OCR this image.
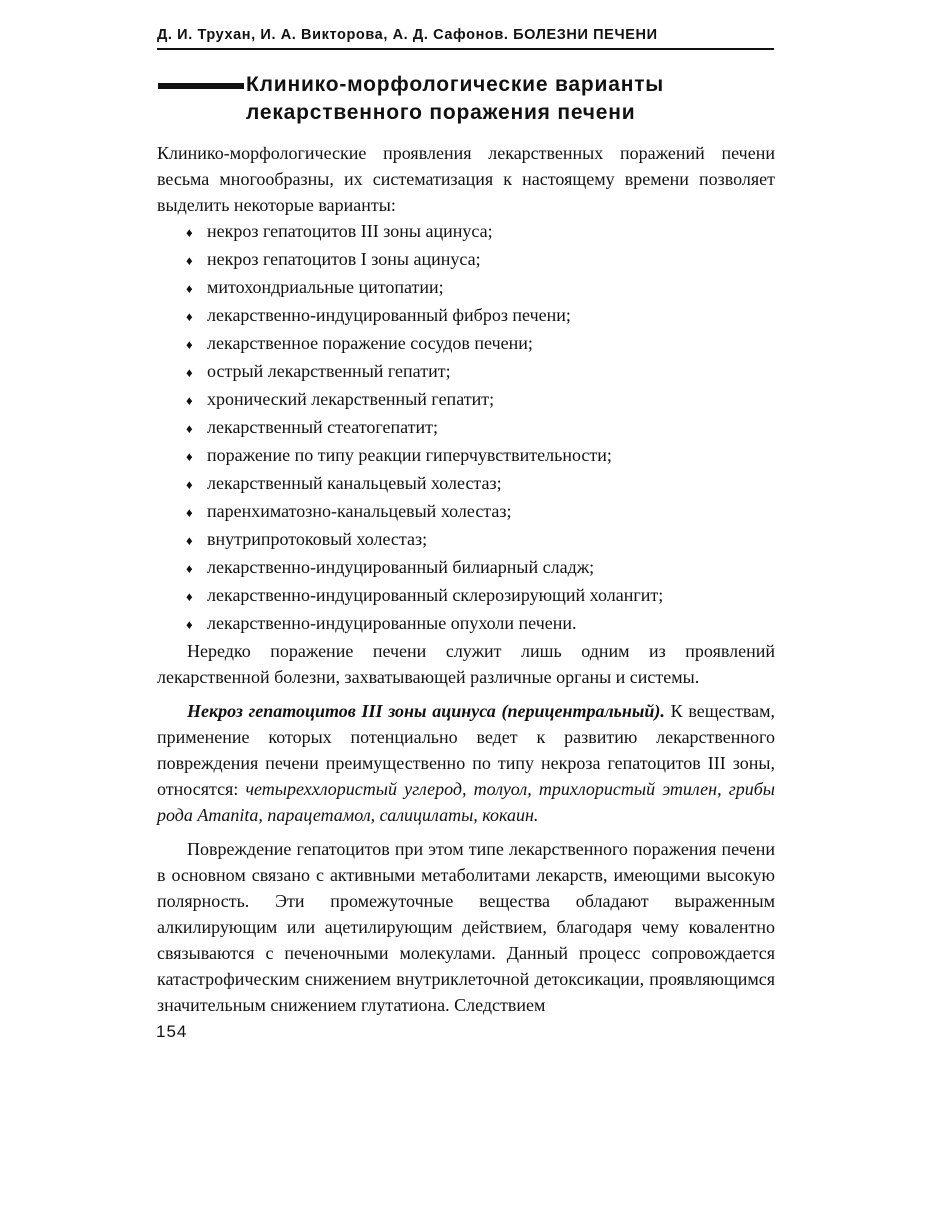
Д. И. Трухан, И. А. Викторова, А. Д. Сафонов. БОЛЕЗНИ ПЕЧЕНИ
Клинико-морфологические варианты
лекарственного поражения печени

Клинико-морфологические проявления лекарственных поражений печени весьма многообразны, их систематизация к настоящему времени позволяет выделить некоторые варианты:

♦ некроз гепатоцитов III зоны ацинуса;
♦ некроз гепатоцитов I зоны ацинуса;
♦ митохондриальные цитопатии;
♦ лекарственно-индуцированный фиброз печени;
♦ лекарственное поражение сосудов печени;
♦ острый лекарственный гепатит;
♦ хронический лекарственный гепатит;
♦ лекарственный стеатогепатит;
♦ поражение по типу реакции гиперчувствительности;
♦ лекарственный канальцевый холестаз;
♦ паренхиматозно-канальцевый холестаз;
♦ внутрипротоковый холестаз;
♦ лекарственно-индуцированный билиарный сладж;
♦ лекарственно-индуцированный склерозирующий холангит;
♦ лекарственно-индуцированные опухоли печени.

Нередко поражение печени служит лишь одним из проявлений лекарственной болезни, захватывающей различные органы и системы.

Некроз гепатоцитов III зоны ацинуса (перицентральный). К веществам, применение которых потенциально ведет к развитию лекарственного повреждения печени преимущественно по типу некроза гепатоцитов III зоны, относятся: четыреххлористый углерод, толуол, трихлористый этилен, грибы рода Amanita, парацетамол, салицилаты, кокаин.

Повреждение гепатоцитов при этом типе лекарственного поражения печени в основном связано с активными метаболитами лекарств, имеющими высокую полярность. Эти промежуточные вещества обладают выраженным алкилирующим или ацетилирующим действием, благодаря чему ковалентно связываются с печеночными молекулами. Данный процесс сопровождается катастрофическим снижением внутриклеточной детоксикации, проявляющимся значительным снижением глутатиона. Следствием

154
